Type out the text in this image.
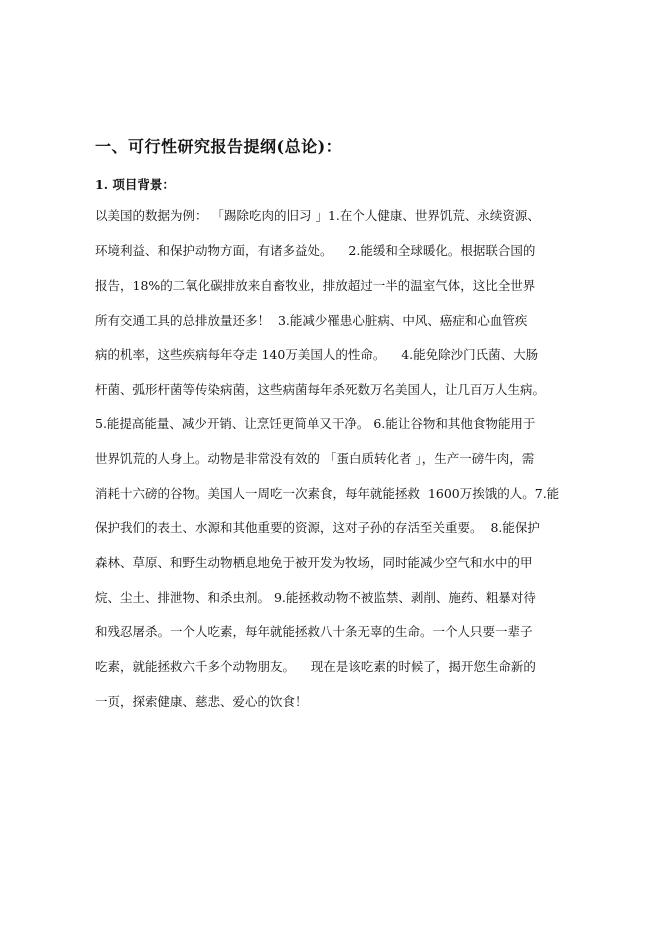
一、可行性研究报告提纲(总论)：
1. 项目背景：
以美国的数据为例： 「踢除吃肉的旧习 」1.在个人健康、世界饥荒、永续资源、
环境利益、和保护动物方面，有诸多益处。    2.能缓和全球暖化。根据联合国的
报告，18%的二氧化碳排放来自畜牧业，排放超过一半的温室气体，这比全世界
所有交通工具的总排放量还多！  3.能减少罹患心脏病、中风、癌症和心血管疾
病的机率，这些疾病每年夺走 140万美国人的性命。    4.能免除沙门氏菌、大肠
杆菌、弧形杆菌等传染病菌，这些病菌每年杀死数万名美国人，让几百万人生病。
5.能提高能量、减少开销、让烹饪更简单又干净。 6.能让谷物和其他食物能用于
世界饥荒的人身上。动物是非常没有效的 「蛋白质转化者 」，生产一磅牛肉，需
消耗十六磅的谷物。美国人一周吃一次素食，每年就能拯救  1600万挨饿的人。7.能
保护我们的表土、水源和其他重要的资源，这对子孙的存活至关重要。  8.能保护
森林、草原、和野生动物栖息地免于被开发为牧场，同时能减少空气和水中的甲
烷、尘土、排泄物、和杀虫剂。 9.能拯救动物不被监禁、剥削、施药、粗暴对待
和残忍屠杀。一个人吃素，每年就能拯救八十条无辜的生命。一个人只要一辈子
吃素，就能拯救六千多个动物朋友。    现在是该吃素的时候了，揭开您生命新的
一页，探索健康、慈悲、爱心的饮食！
